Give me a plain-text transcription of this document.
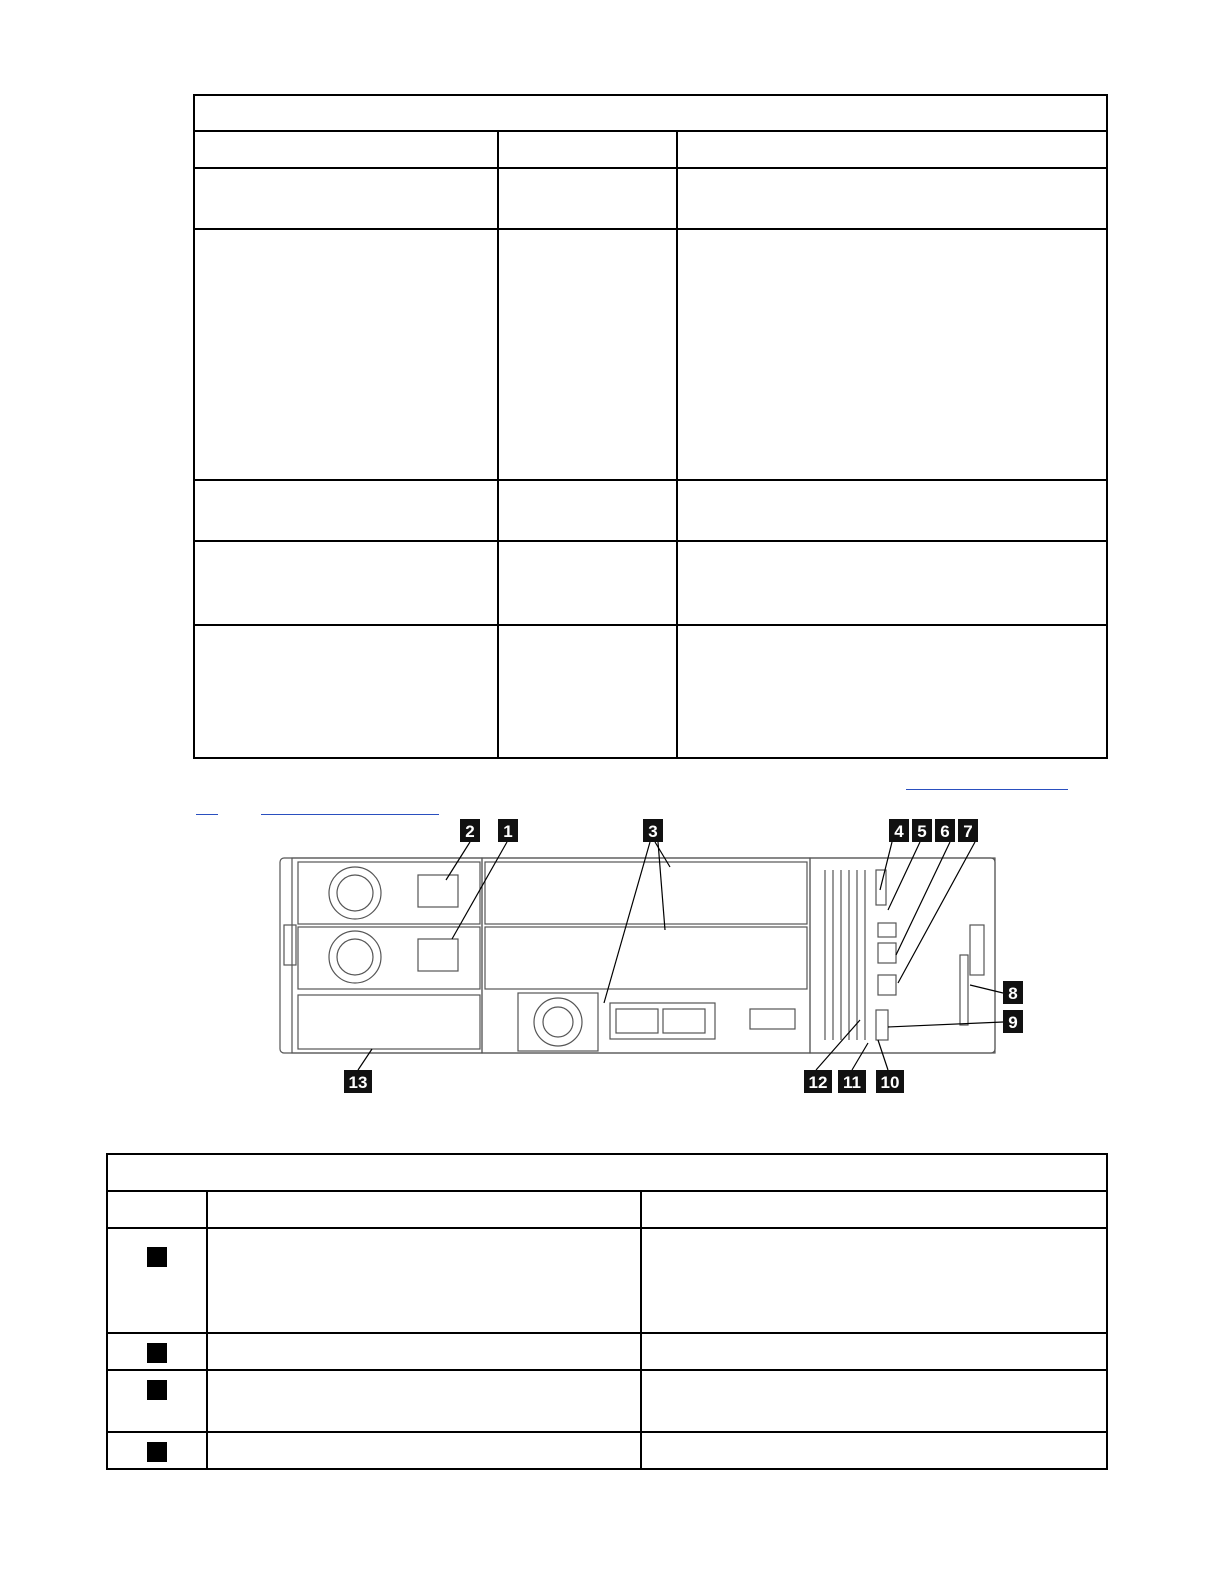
1
2	3	4 5 6 7
8
9
10
11
12
13
